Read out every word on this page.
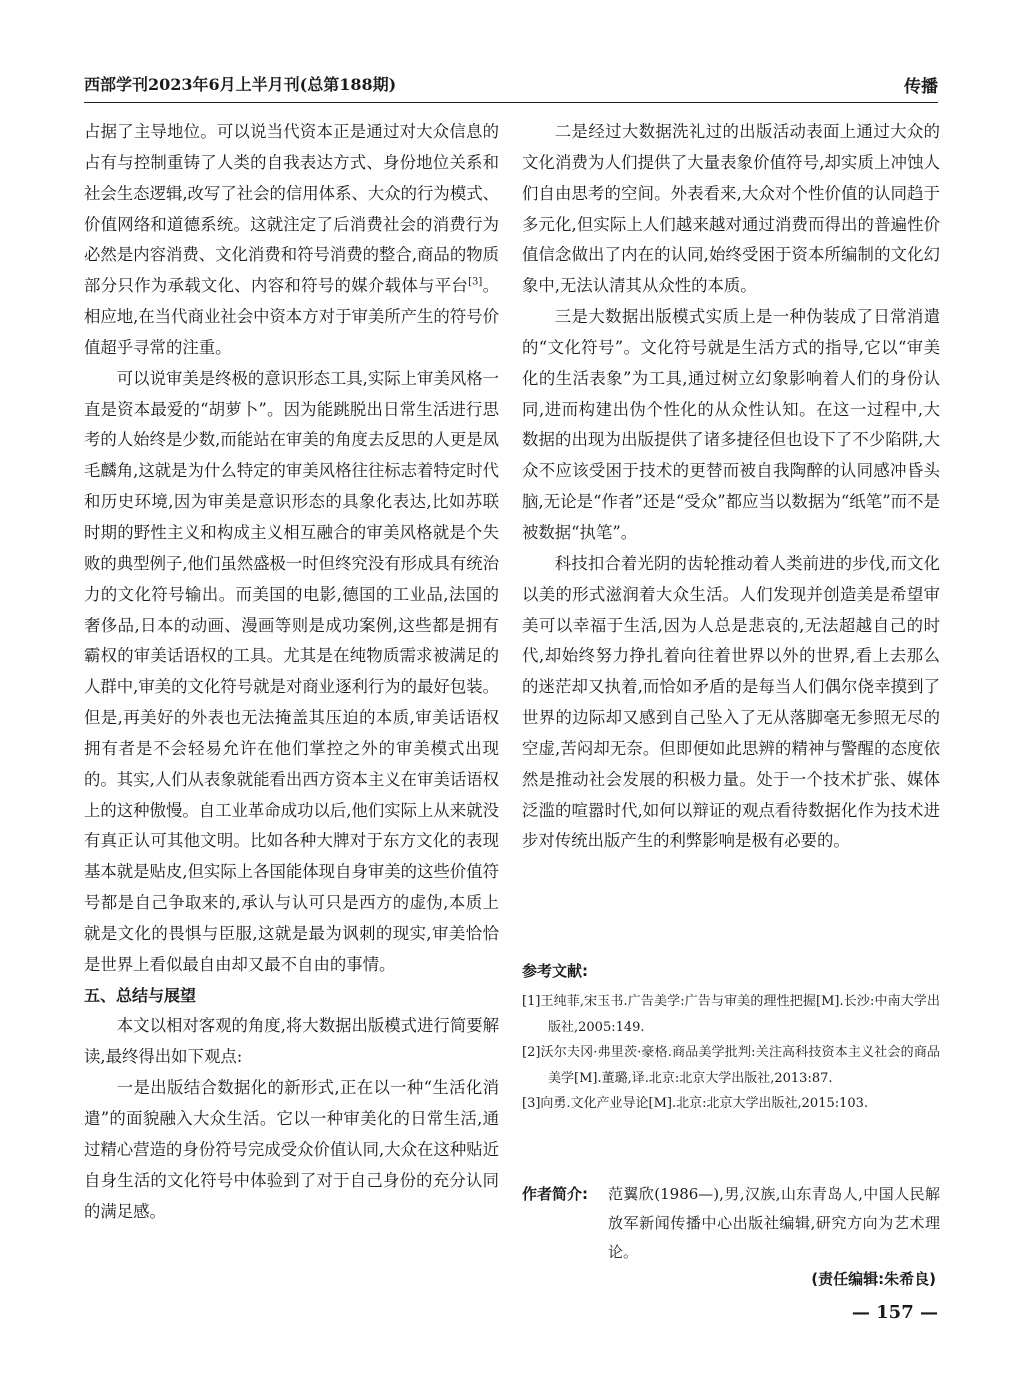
西部学刊2023年6月上半月刊(总第188期)	传播

占据了主导地位。可以说当代资本正是通过对大众信息的占有与控制重铸了人类的自我表达方式、身份地位关系和社会生态逻辑,改写了社会的信用体系、大众的行为模式、价值网络和道德系统。这就注定了后消费社会的消费行为必然是内容消费、文化消费和符号消费的整合,商品的物质部分只作为承载文化、内容和符号的媒介载体与平台[3]。相应地,在当代商业社会中资本方对于审美所产生的符号价值超乎寻常的注重。

可以说审美是终极的意识形态工具,实际上审美风格一直是资本最爱的“胡萝卜”。因为能跳脱出日常生活进行思考的人始终是少数,而能站在审美的角度去反思的人更是凤毛麟角,这就是为什么特定的审美风格往往标志着特定时代和历史环境,因为审美是意识形态的具象化表达,比如苏联时期的野性主义和构成主义相互融合的审美风格就是个失败的典型例子,他们虽然盛极一时但终究没有形成具有统治力的文化符号输出。而美国的电影,德国的工业品,法国的奢侈品,日本的动画、漫画等则是成功案例,这些都是拥有霸权的审美话语权的工具。尤其是在纯物质需求被满足的人群中,审美的文化符号就是对商业逐利行为的最好包装。但是,再美好的外表也无法掩盖其压迫的本质,审美话语权拥有者是不会轻易允许在他们掌控之外的审美模式出现的。其实,人们从表象就能看出西方资本主义在审美话语权上的这种傲慢。自工业革命成功以后,他们实际上从来就没有真正认可其他文明。比如各种大牌对于东方文化的表现基本就是贴皮,但实际上各国能体现自身审美的这些价值符号都是自己争取来的,承认与认可只是西方的虚伪,本质上就是文化的畏惧与臣服,这就是最为讽刺的现实,审美恰恰是世界上看似最自由却又最不自由的事情。

五、总结与展望

本文以相对客观的角度,将大数据出版模式进行简要解读,最终得出如下观点:

一是出版结合数据化的新形式,正在以一种“生活化消遣”的面貌融入大众生活。它以一种审美化的日常生活,通过精心营造的身份符号完成受众价值认同,大众在这种贴近自身生活的文化符号中体验到了对于自己身份的充分认同的满足感。

二是经过大数据洗礼过的出版活动表面上通过大众的文化消费为人们提供了大量表象价值符号,却实质上冲蚀人们自由思考的空间。外表看来,大众对个性价值的认同趋于多元化,但实际上人们越来越对通过消费而得出的普遍性价值信念做出了内在的认同,始终受困于资本所编制的文化幻象中,无法认清其从众性的本质。

三是大数据出版模式实质上是一种伪装成了日常消遣的“文化符号”。文化符号就是生活方式的指导,它以“审美化的生活表象”为工具,通过树立幻象影响着人们的身份认同,进而构建出伪个性化的从众性认知。在这一过程中,大数据的出现为出版提供了诸多捷径但也设下了不少陷阱,大众不应该受困于技术的更替而被自我陶醉的认同感冲昏头脑,无论是“作者”还是“受众”都应当以数据为“纸笔”而不是被数据“执笔”。

科技扣合着光阴的齿轮推动着人类前进的步伐,而文化以美的形式滋润着大众生活。人们发现并创造美是希望审美可以幸福于生活,因为人总是悲哀的,无法超越自己的时代,却始终努力挣扎着向往着世界以外的世界,看上去那么的迷茫却又执着,而恰如矛盾的是每当人们偶尔侥幸摸到了世界的边际却又感到自己坠入了无从落脚毫无参照无尽的空虚,苦闷却无奈。但即便如此思辨的精神与警醒的态度依然是推动社会发展的积极力量。处于一个技术扩张、媒体泛滥的喧嚣时代,如何以辩证的观点看待数据化作为技术进步对传统出版产生的利弊影响是极有必要的。

参考文献:

[1]王纯菲,宋玉书.广告美学:广告与审美的理性把握[M].长沙:中南大学出版社,2005:149.

[2]沃尔夫冈·弗里茨·豪格.商品美学批判:关注高科技资本主义社会的商品美学[M].董璐,译.北京:北京大学出版社,2013:87.

[3]向勇.文化产业导论[M].北京:北京大学出版社,2015:103.

作者简介: 范翼欣(1986—),男,汉族,山东青岛人,中国人民解放军新闻传播中心出版社编辑,研究方向为艺术理论。
(责任编辑:朱希良)
— 157 —
